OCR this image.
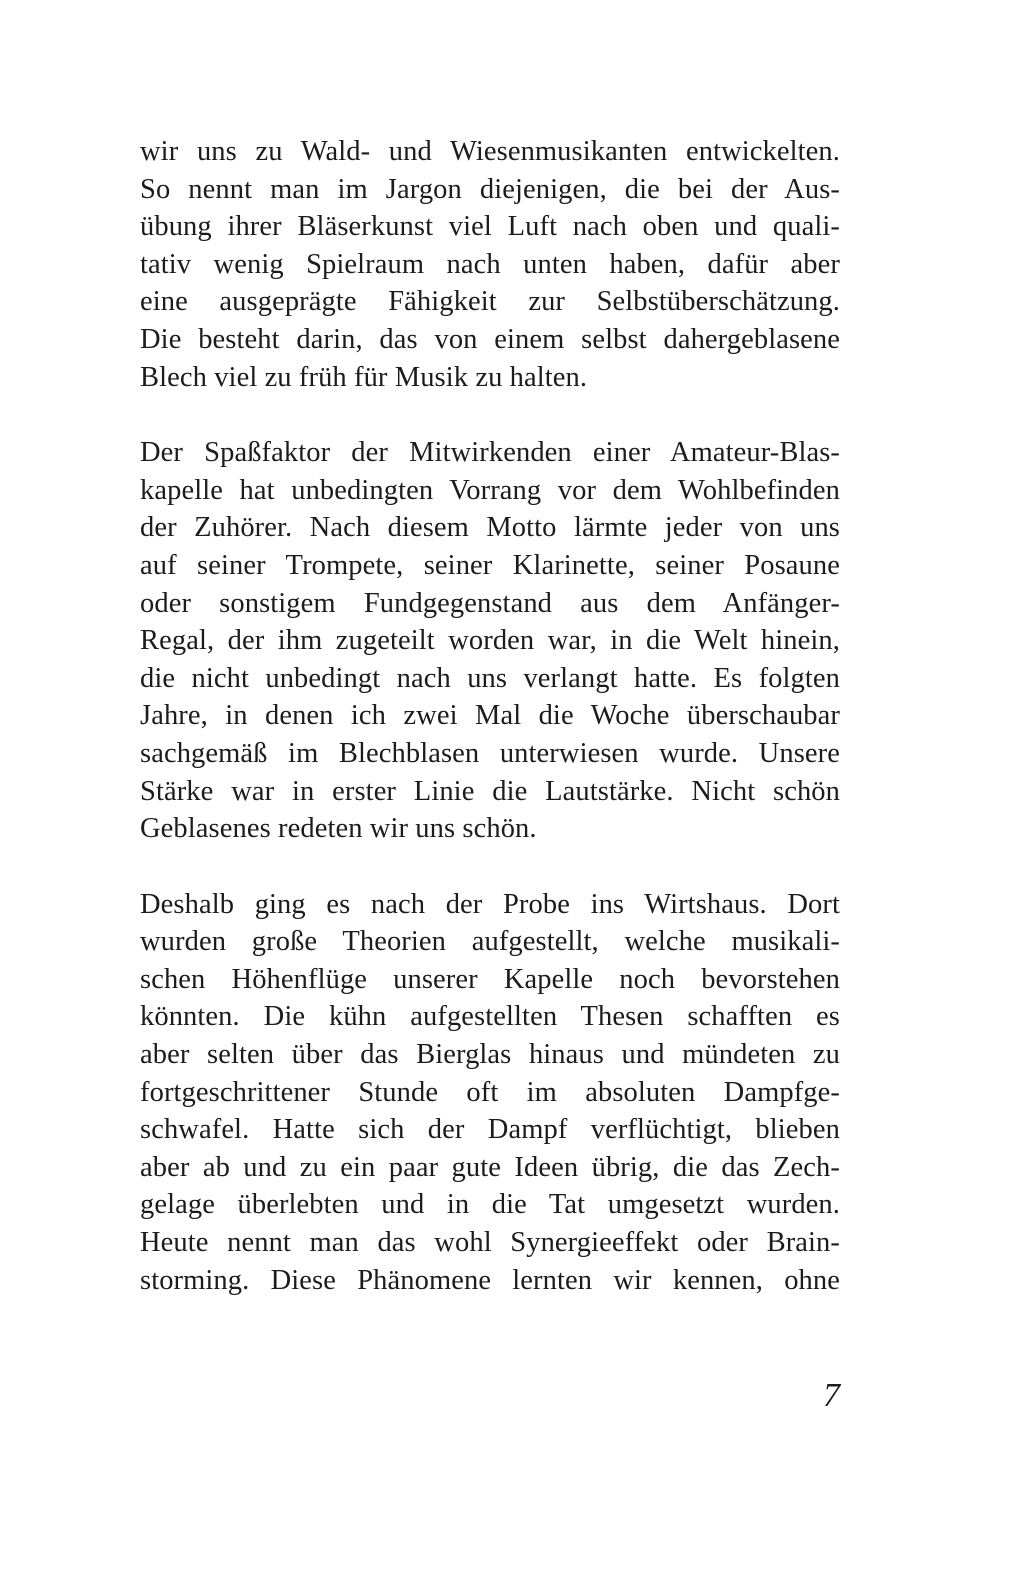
wir uns zu Wald- und Wiesenmusikanten entwickelten.
So nennt man im Jargon diejenigen, die bei der Aus-
übung ihrer Bläserkunst viel Luft nach oben und quali-
tativ wenig Spielraum nach unten haben, dafür aber
eine ausgeprägte Fähigkeit zur Selbstüberschätzung.
Die besteht darin, das von einem selbst dahergeblasene
Blech viel zu früh für Musik zu halten.
Der Spaßfaktor der Mitwirkenden einer Amateur-Blas-
kapelle hat unbedingten Vorrang vor dem Wohlbefinden
der Zuhörer. Nach diesem Motto lärmte jeder von uns
auf seiner Trompete, seiner Klarinette, seiner Posaune
oder sonstigem Fundgegenstand aus dem Anfänger-
Regal, der ihm zugeteilt worden war, in die Welt hinein,
die nicht unbedingt nach uns verlangt hatte. Es folgten
Jahre, in denen ich zwei Mal die Woche überschaubar
sachgemäß im Blechblasen unterwiesen wurde. Unsere
Stärke war in erster Linie die Lautstärke. Nicht schön
Geblasenes redeten wir uns schön.
Deshalb ging es nach der Probe ins Wirtshaus. Dort
wurden große Theorien aufgestellt, welche musikali-
schen Höhenflüge unserer Kapelle noch bevorstehen
könnten. Die kühn aufgestellten Thesen schafften es
aber selten über das Bierglas hinaus und mündeten zu
fortgeschrittener Stunde oft im absoluten Dampfge-
schwafel. Hatte sich der Dampf verflüchtigt, blieben
aber ab und zu ein paar gute Ideen übrig, die das Zech-
gelage überlebten und in die Tat umgesetzt wurden.
Heute nennt man das wohl Synergieeffekt oder Brain-
storming. Diese Phänomene lernten wir kennen, ohne
7
